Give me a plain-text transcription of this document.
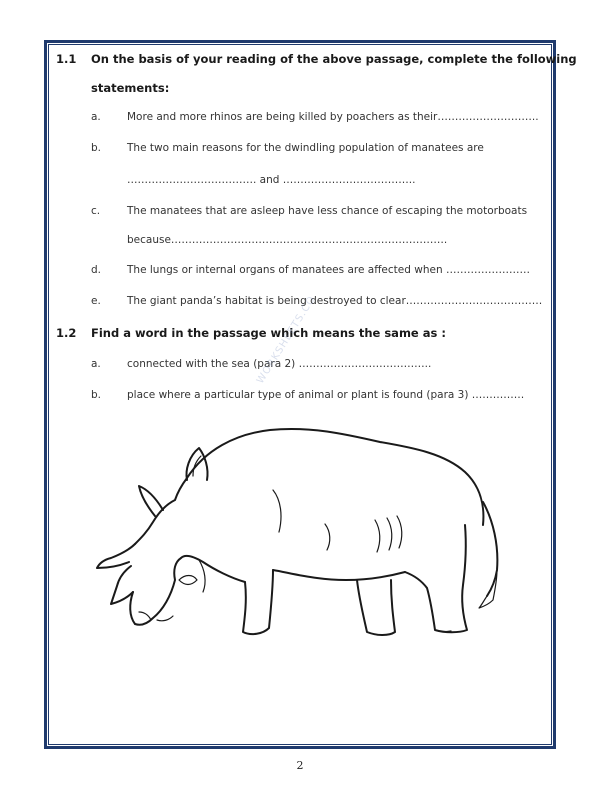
1.1 On the basis of your reading of the above passage, complete the following
statements:
a. More and more rhinos are being killed by poachers as their………………………..
b. The two main reasons for the dwindling population of manatees are
………………………………. and ………………………………..
c.	The manatees that are asleep have less chance of escaping the motorboats
because…………………………………………………………………….
d. The lungs or internal organs of manatees are affected when ……………………
e. The giant panda’s habitat is being destroyed to clear…………………………………
1.2 Find a word in the passage which means the same as :
a. connected with the sea (para 2) ………………………………..
b. place where a particular type of animal or plant is found (para 3) ……………
WORKSHEETS.CO
2
